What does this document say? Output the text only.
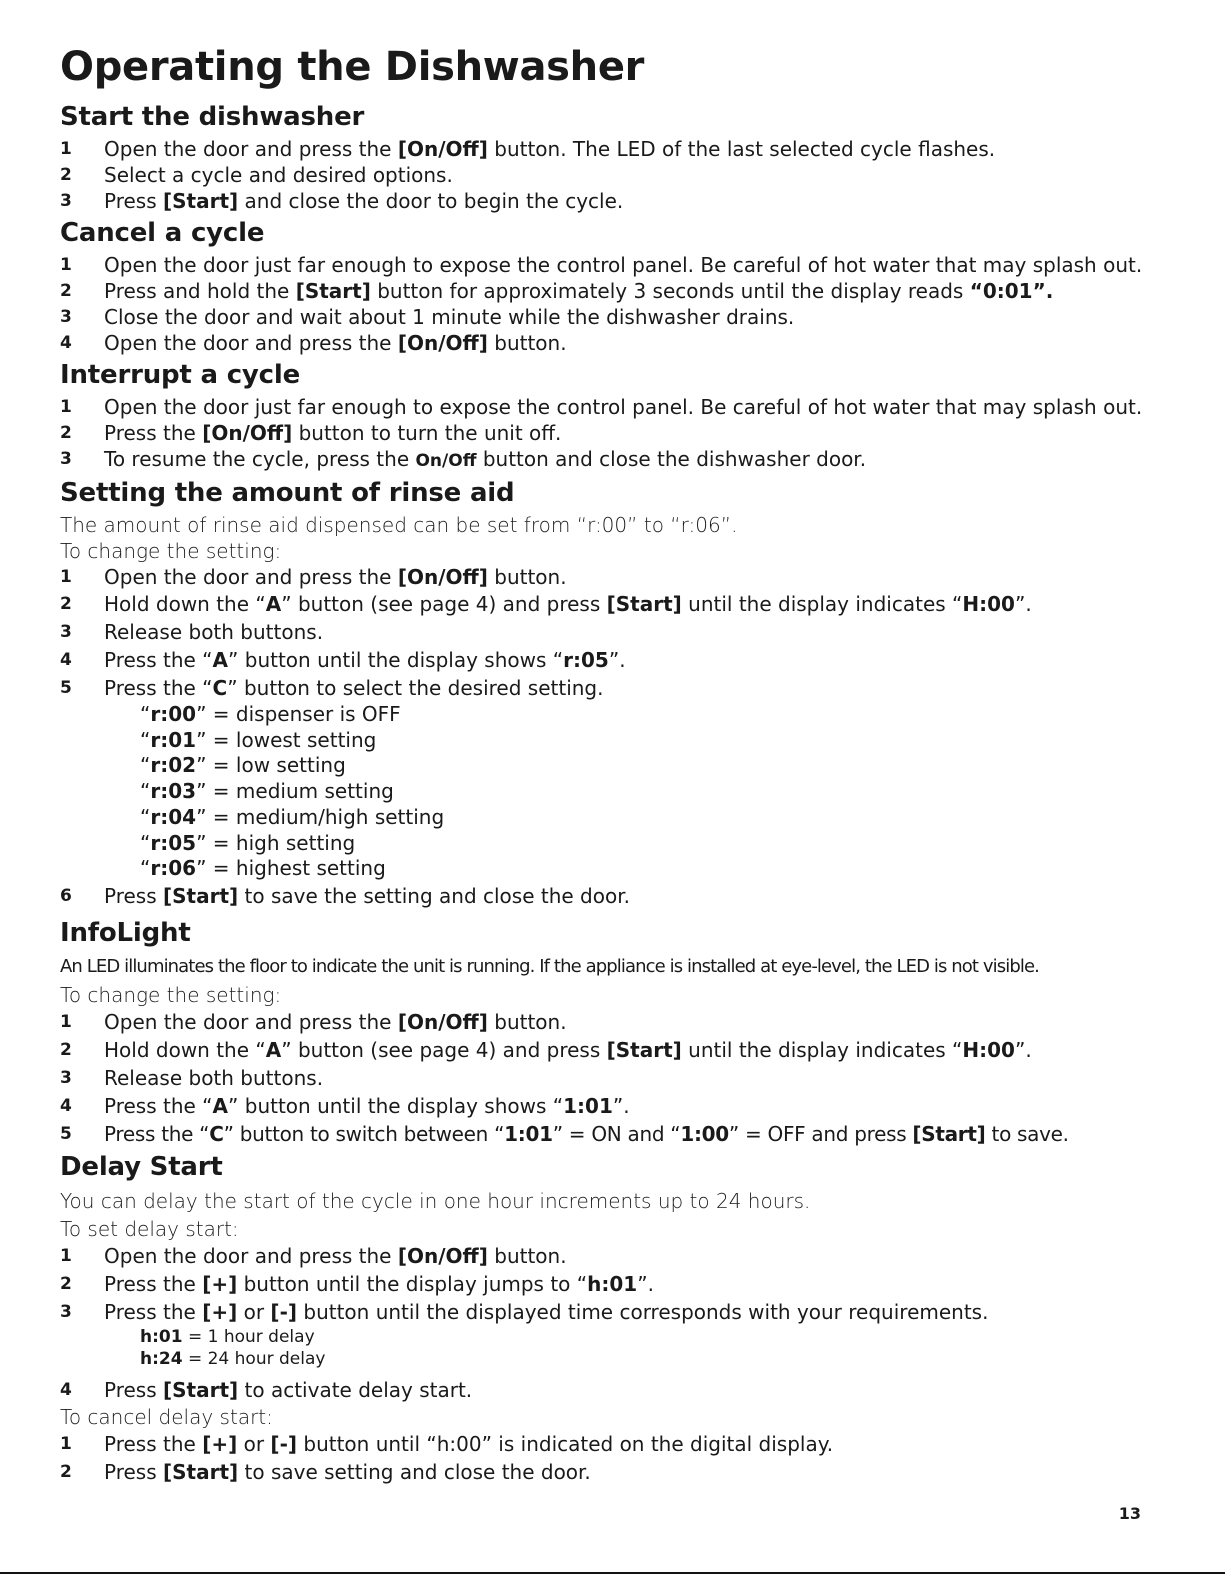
Operating the Dishwasher
Start the dishwasher
1	Open the door and press the [On/Off] button. The LED of the last selected cycle flashes.
2	Select a cycle and desired options.
3	Press [Start] and close the door to begin the cycle.
Cancel a cycle
1	Open the door just far enough to expose the control panel. Be careful of hot water that may splash out.
2	Press and hold the [Start] button for approximately 3 seconds until the display reads “0:01”.
3	Close the door and wait about 1 minute while the dishwasher drains.
4	Open the door and press the [On/Off] button.
Interrupt a cycle
1	Open the door just far enough to expose the control panel. Be careful of hot water that may splash out.
2	Press the [On/Off] button to turn the unit off.
3	To resume the cycle, press the On/Off button and close the dishwasher door.
Setting the amount of rinse aid
The amount of rinse aid dispensed can be set from “r:00” to “r:06”.
To change the setting:
1	Open the door and press the [On/Off] button.
2	Hold down the “A” button (see page 4) and press [Start] until the display indicates “H:00”.
3	Release both buttons.
4	Press the “A” button until the display shows “r:05”.
5	Press the “C” button to select the desired setting.
“r:00” = dispenser is OFF
“r:01” = lowest setting
“r:02” = low setting
“r:03” = medium setting
“r:04” = medium/high setting
“r:05” = high setting
“r:06” = highest setting
6	Press [Start] to save the setting and close the door.
InfoLight
An LED illuminates the floor to indicate the unit is running. If the appliance is installed at eye-level, the LED is not visible.
To change the setting:
1	Open the door and press the [On/Off] button.
2	Hold down the “A” button (see page 4) and press [Start] until the display indicates “H:00”.
3	Release both buttons.
4	Press the “A” button until the display shows “1:01”.
5	Press the “C” button to switch between “1:01” = ON and “1:00” = OFF and press [Start] to save.
Delay Start
You can delay the start of the cycle in one hour increments up to 24 hours.
To set delay start:
1	Open the door and press the [On/Off] button.
2	Press the [+] button until the display jumps to “h:01”.
3	Press the [+] or [-] button until the displayed time corresponds with your requirements.
h:01 = 1 hour delay
h:24 = 24 hour delay
4	Press [Start] to activate delay start.
To cancel delay start:
1	Press the [+] or [-] button until “h:00” is indicated on the digital display.
2	Press [Start] to save setting and close the door.
13
